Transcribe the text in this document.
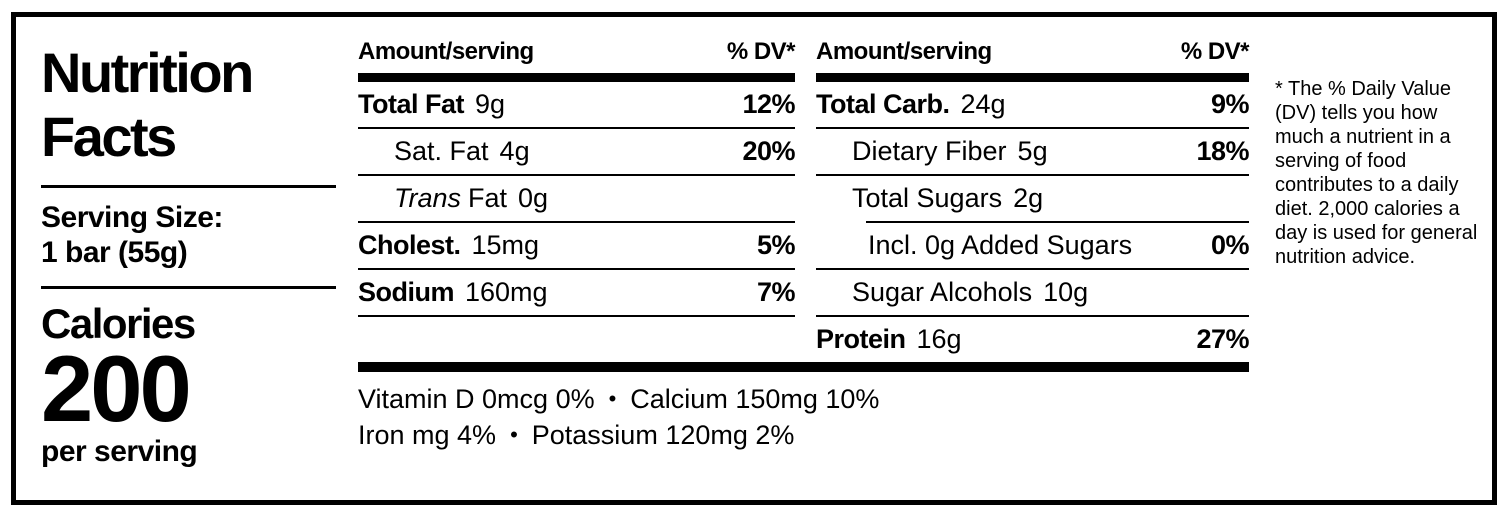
Nutrition
Facts
Serving Size:
1 bar (55g)
Calories
200
per serving
Amount/serving	% DV*
Total Fat 9g	12%
Sat. Fat 4g	20%
Trans Fat 0g
Cholest. 15mg	5%
Sodium 160mg	7%
Amount/serving	% DV*
Total Carb. 24g	9%
Dietary Fiber 5g	18%
Total Sugars 2g
Incl. 0g Added Sugars	0%
Sugar Alcohols 10g
Protein 16g	27%
Vitamin D 0mcg 0% • Calcium 150mg 10%
Iron mg 4% • Potassium 120mg 2%
* The % Daily Value (DV) tells you how much a nutrient in a serving of food contributes to a daily diet. 2,000 calories a day is used for general nutrition advice.
